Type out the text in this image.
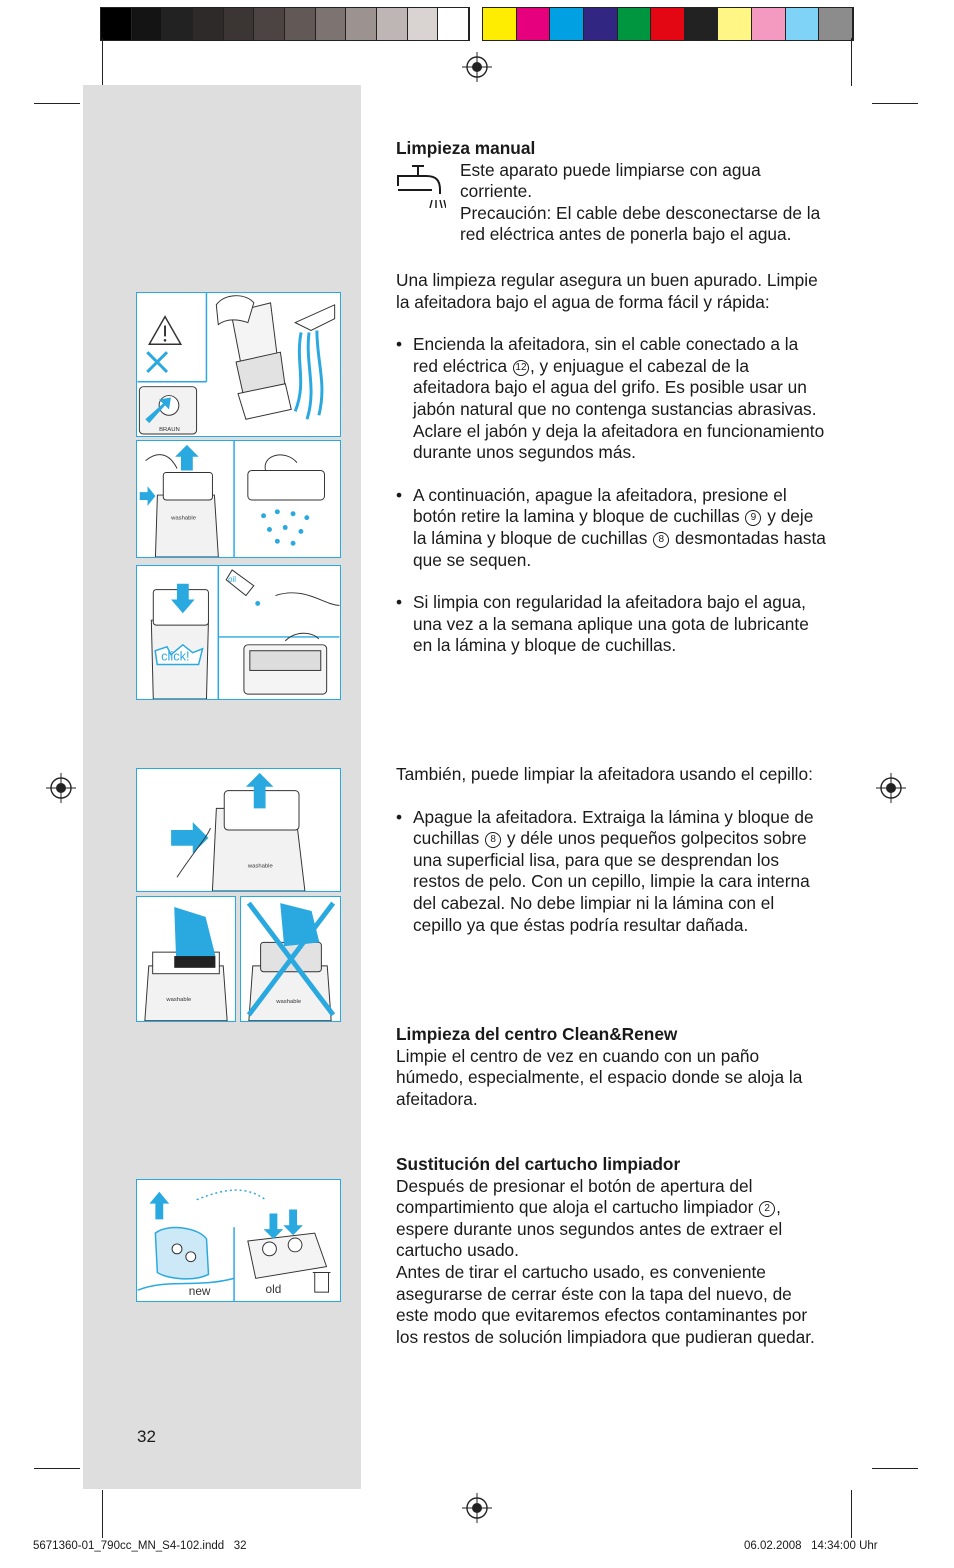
BRAUN
washable
click!
oil
washable
washable	washable
new	old

Limpieza manual

Este aparato puede limpiarse con agua corriente.

Precaución: El cable debe desconectarse de la red eléctrica antes de ponerla bajo el agua.

Una limpieza regular asegura un buen apurado. Limpie la afeitadora bajo el agua de forma fácil y rápida:

• Encienda la afeitadora, sin el cable conectado a la red eléctrica 12 , y enjuague el cabezal de la afeitadora bajo el agua del grifo. Es posible usar un jabón natural que no contenga sustancias abrasivas. Aclare el jabón y deja la afeitadora en funcionamiento durante unos segundos más.
• A continuación, apague la afeitadora, presione el botón retire la lamina y bloque de cuchillas 9 y deje la lámina y bloque de cuchillas 8 desmontadas hasta que se sequen.
• Si limpia con regularidad la afeitadora bajo el agua, una vez a la semana aplique una gota de lubricante en la lámina y bloque de cuchillas.

También, puede limpiar la afeitadora usando el cepillo:

• Apague la afeitadora. Extraiga la lámina y bloque de cuchillas 8 y déle unos pequeños golpecitos sobre una superficial lisa, para que se desprendan los restos de pelo. Con un cepillo, limpie la cara interna del cabezal. No debe limpiar ni la lámina con el cepillo ya que éstas podría resultar dañada.

Limpieza del centro Clean&Renew

Limpie el centro de vez en cuando con un paño húmedo, especialmente, el espacio donde se aloja la afeitadora.

Sustitución del cartucho limpiador

Después de presionar el botón de apertura del compartimiento que aloja el cartucho limpiador 2 , espere durante unos segundos antes de extraer el cartucho usado.

Antes de tirar el cartucho usado, es conveniente asegurarse de cerrar éste con la tapa del nuevo, de este modo que evitaremos efectos contaminantes por los restos de solución limpiadora que pudieran quedar.

32
5671360-01_790cc_MN_S4-102.indd   32	06.02.2008   14:34:00 Uhr
